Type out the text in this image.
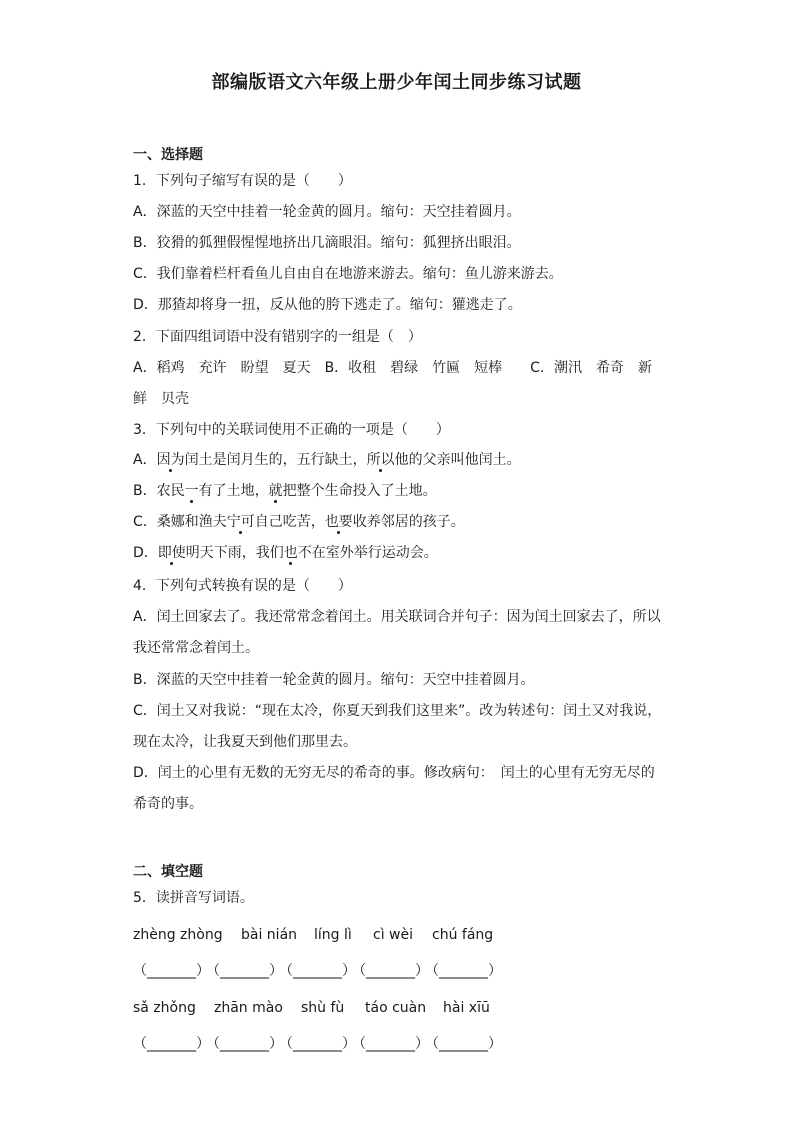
部编版语文六年级上册少年闰土同步练习试题
一、选择题
1．下列句子缩写有误的是（　　）
A．深蓝的天空中挂着一轮金黄的圆月。缩句：天空挂着圆月。
B．狡猾的狐狸假惺惺地挤出几滴眼泪。缩句：狐狸挤出眼泪。
C．我们靠着栏杆看鱼儿自由自在地游来游去。缩句：鱼儿游来游去。
D．那猹却将身一扭，反从他的胯下逃走了。缩句：獾逃走了。
2．下面四组词语中没有错别字的一组是（　）
A．稻鸡　充许　盼望　夏天　B．收租　碧绿　竹匾　短棒　　C．潮汛　希奇　新
鲜　贝壳
3．下列句中的关联词使用不正确的一项是（　　）
A．因为闰土是闰月生的，五行缺土，所以他的父亲叫他闰土。
B．农民一有了土地，就把整个生命投入了土地。
C．桑娜和渔夫宁可自己吃苦，也要收养邻居的孩子。
D．即使明天下雨，我们也不在室外举行运动会。
4．下列句式转换有误的是（　　）
A．闰土回家去了。我还常常念着闰土。用关联词合并句子：因为闰土回家去了，所以
我还常常念着闰土。
B．深蓝的天空中挂着一轮金黄的圆月。缩句：天空中挂着圆月。
C．闰土又对我说：“现在太冷，你夏天到我们这里来”。改为转述句：闰土又对我说，
现在太冷，让我夏天到他们那里去。
D．闰土的心里有无数的无穷无尽的希奇的事。修改病句：　闰土的心里有无穷无尽的
希奇的事。
二、填空题
5．读拼音写词语。
zhèng zhòng bài nián líng lì cì wèi chú fáng
（_______）
（_______）
（_______）
（_______）
（_______）
sǎ zhǒng zhān mào shù fù táo cuàn hài xīū
（_______）
（_______）
（_______）
（_______）
（_______）
